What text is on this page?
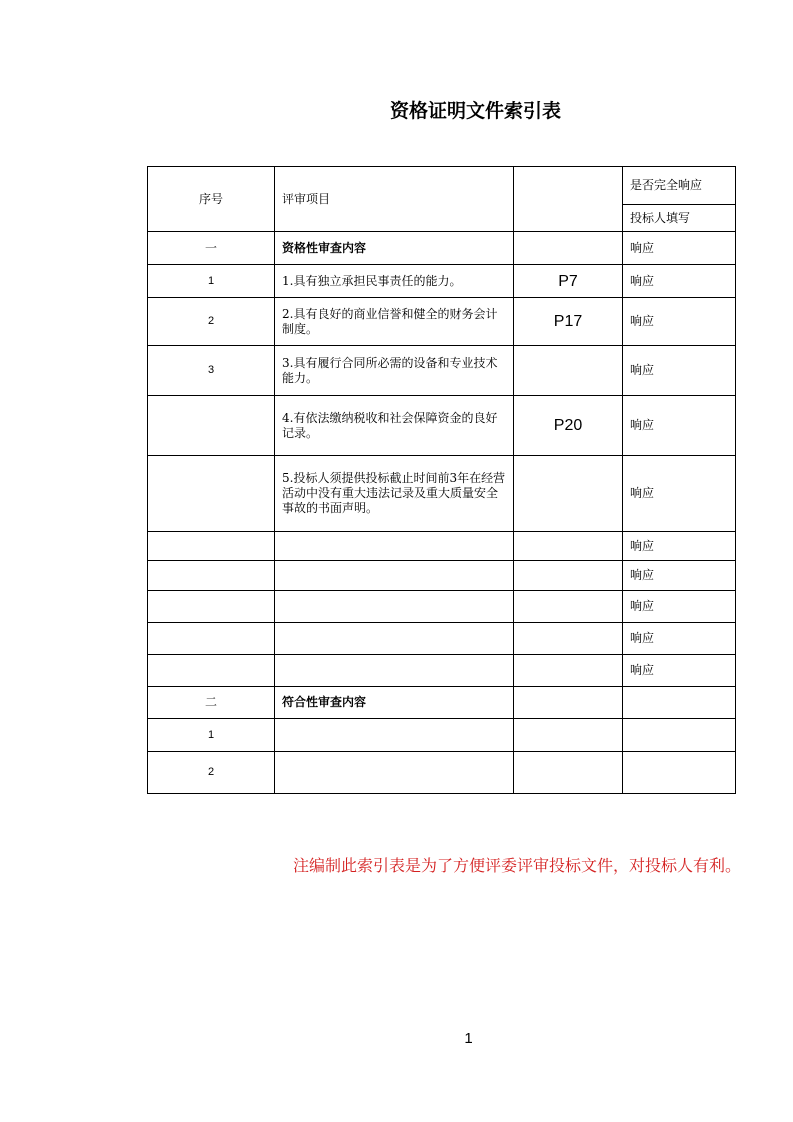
资格证明文件索引表
序号	评审项目		是否完全响应
			投标人填写
一	资格性审查内容		响应
1	1.具有独立承担民事责任的能力。	P7	响应
2	2.具有良好的商业信誉和健全的财务会计制度。	P17	响应
3	3.具有履行合同所必需的设备和专业技术能力。		响应
	4.有依法缴纳税收和社会保障资金的良好记录。	P20	响应
	5.投标人须提供投标截止时间前3年在经营活动中没有重大违法记录及重大质量安全事故的书面声明。		响应
			响应
			响应
			响应
			响应
			响应
二	符合性审查内容		
1			
2			
注编制此索引表是为了方便评委评审投标文件，对投标人有利。
1
